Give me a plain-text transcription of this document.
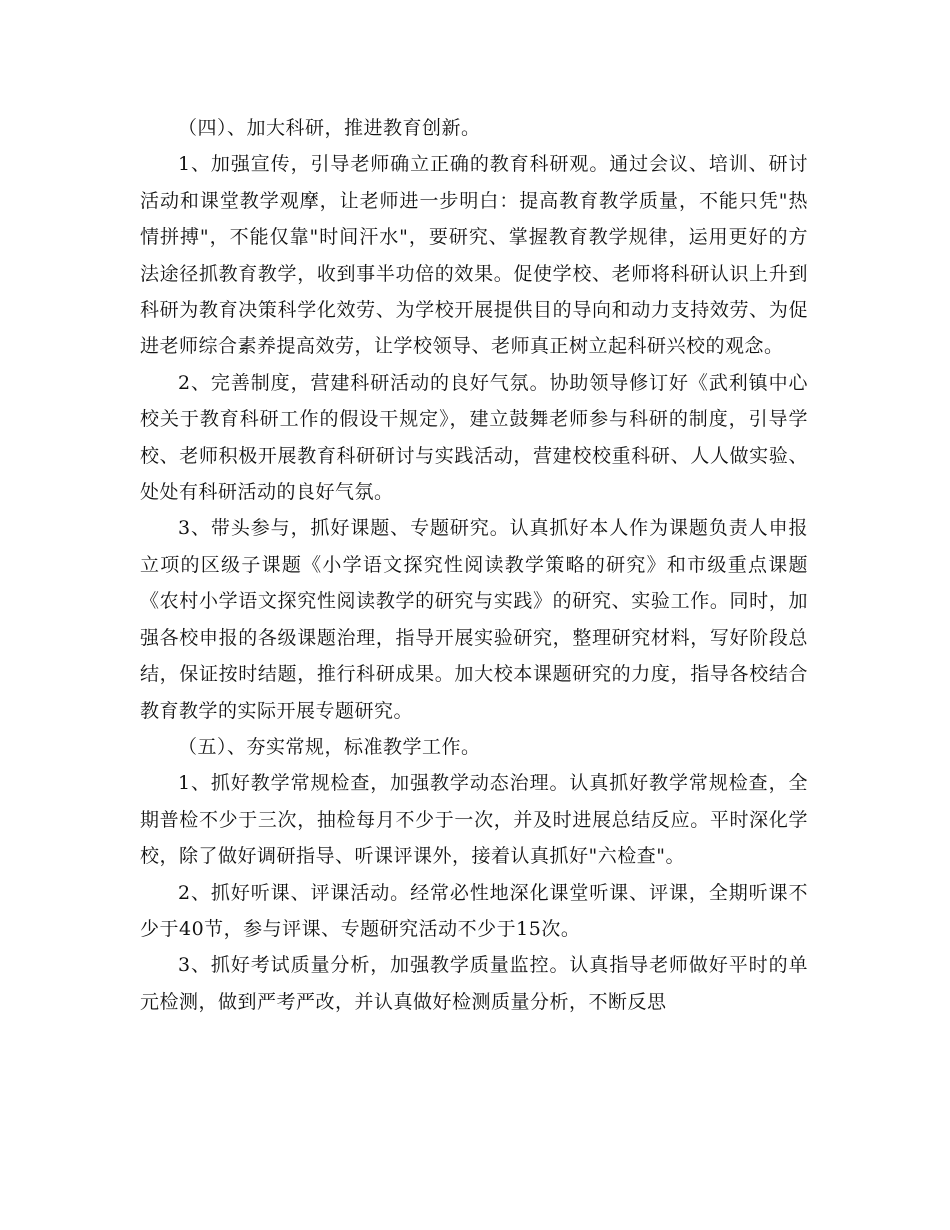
（四）、加大科研，推进教育创新。

1、加强宣传，引导老师确立正确的教育科研观。通过会议、培训、研讨活动和课堂教学观摩，让老师进一步明白：提高教育教学质量，不能只凭"热情拼搏"，不能仅靠"时间汗水"，要研究、掌握教育教学规律，运用更好的方法途径抓教育教学，收到事半功倍的效果。促使学校、老师将科研认识上升到科研为教育决策科学化效劳、为学校开展提供目的导向和动力支持效劳、为促进老师综合素养提高效劳，让学校领导、老师真正树立起科研兴校的观念。

2、完善制度，营建科研活动的良好气氛。协助领导修订好《武利镇中心校关于教育科研工作的假设干规定》，建立鼓舞老师参与科研的制度，引导学校、老师积极开展教育科研研讨与实践活动，营建校校重科研、人人做实验、处处有科研活动的良好气氛。

3、带头参与，抓好课题、专题研究。认真抓好本人作为课题负责人申报立项的区级子课题《小学语文探究性阅读教学策略的研究》和市级重点课题《农村小学语文探究性阅读教学的研究与实践》的研究、实验工作。同时，加强各校申报的各级课题治理，指导开展实验研究，整理研究材料，写好阶段总结，保证按时结题，推行科研成果。加大校本课题研究的力度，指导各校结合教育教学的实际开展专题研究。

（五）、夯实常规，标准教学工作。

1、抓好教学常规检查，加强教学动态治理。认真抓好教学常规检查，全期普检不少于三次，抽检每月不少于一次，并及时进展总结反应。平时深化学校，除了做好调研指导、听课评课外，接着认真抓好"六检查"。

2、抓好听课、评课活动。经常必性地深化课堂听课、评课，全期听课不少于40节，参与评课、专题研究活动不少于15次。

3、抓好考试质量分析，加强教学质量监控。认真指导老师做好平时的单元检测，做到严考严改，并认真做好检测质量分析，不断反思
